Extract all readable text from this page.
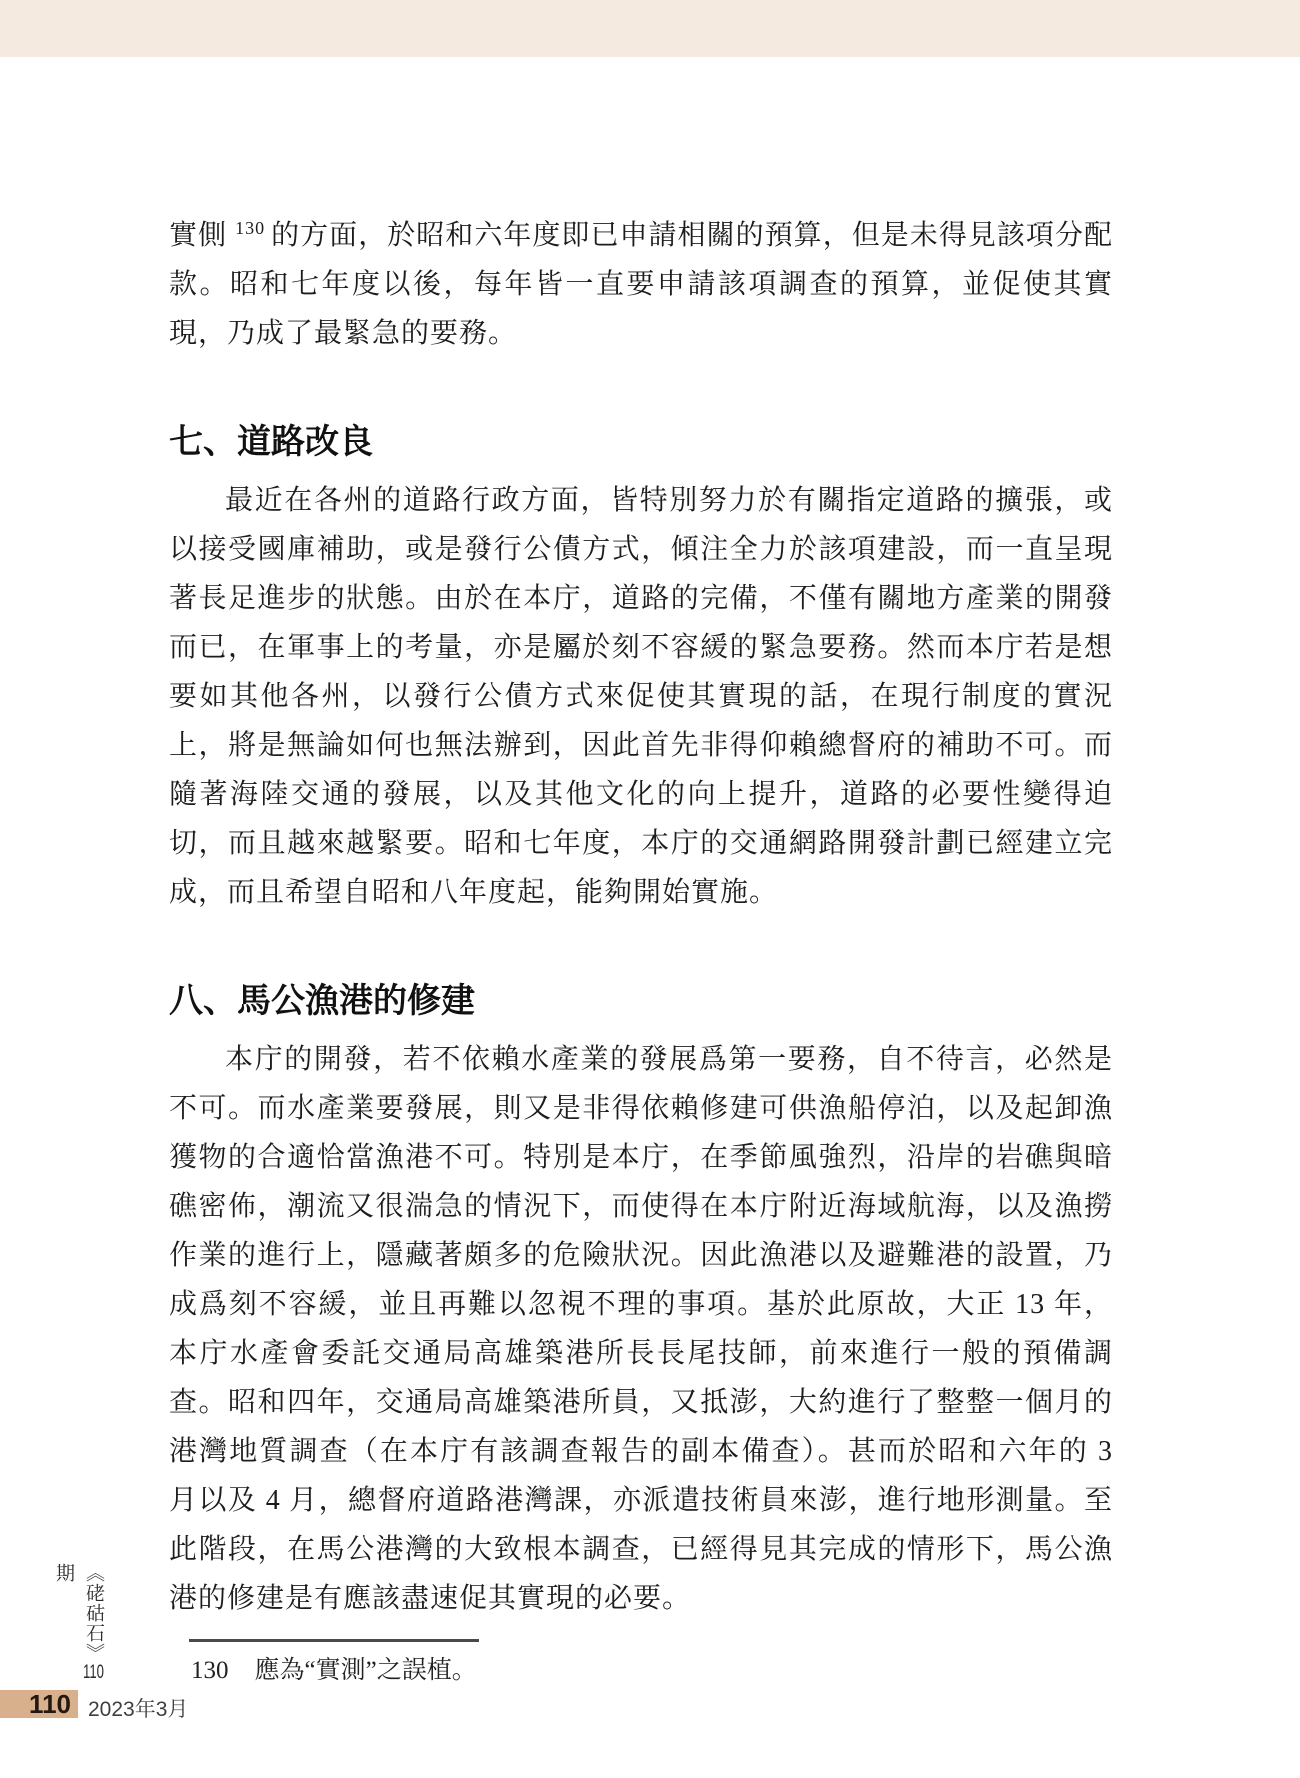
實側 $^{130}$ 的方面，於昭和六年度即已申請相關的預算，但是未得見該項分配款。昭和七年度以後，每年皆一直要申請該項調查的預算，並促使其實現，乃成了最緊急的要務。

七、道路改良

最近在各州的道路行政方面，皆特別努力於有關指定道路的擴張，或以接受國庫補助，或是發行公債方式，傾注全力於該項建設，而一直呈現著長足進步的狀態。由於在本庁，道路的完備，不僅有關地方產業的開發而已，在軍事上的考量，亦是屬於刻不容緩的緊急要務。然而本庁若是想要如其他各州，以發行公債方式來促使其實現的話，在現行制度的實況上，將是無論如何也無法辦到，因此首先非得仰賴總督府的補助不可。而隨著海陸交通的發展，以及其他文化的向上提升，道路的必要性變得迫切，而且越來越緊要。昭和七年度，本庁的交通網路開發計劃已經建立完成，而且希望自昭和八年度起，能夠開始實施。

八、馬公漁港的修建

本庁的開發，若不依賴水產業的發展爲第一要務，自不待言，必然是不可。而水產業要發展，則又是非得依賴修建可供漁船停泊，以及起卸漁獲物的合適恰當漁港不可。特別是本庁，在季節風強烈，沿岸的岩礁與暗礁密佈，潮流又很湍急的情況下，而使得在本庁附近海域航海，以及漁撈作業的進行上，隱藏著頗多的危險狀況。因此漁港以及避難港的設置，乃成爲刻不容緩，並且再難以忽視不理的事項。基於此原故，大正 13 年，本庁水產會委託交通局高雄築港所長長尾技師，前來進行一般的預備調查。昭和四年，交通局高雄築港所員，又抵澎，大約進行了整整一個月的港灣地質調查（在本庁有該調查報告的副本備查）。甚而於昭和六年的 3 月以及 4 月，總督府道路港灣課，亦派遣技術員來澎，進行地形測量。至此階段，在馬公港灣的大致根本調查，已經得見其完成的情形下，馬公漁港的修建是有應該盡速促其實現的必要。

130 應為“實測”之誤植。

《硓𥑮石》110期
110 2023年3月
